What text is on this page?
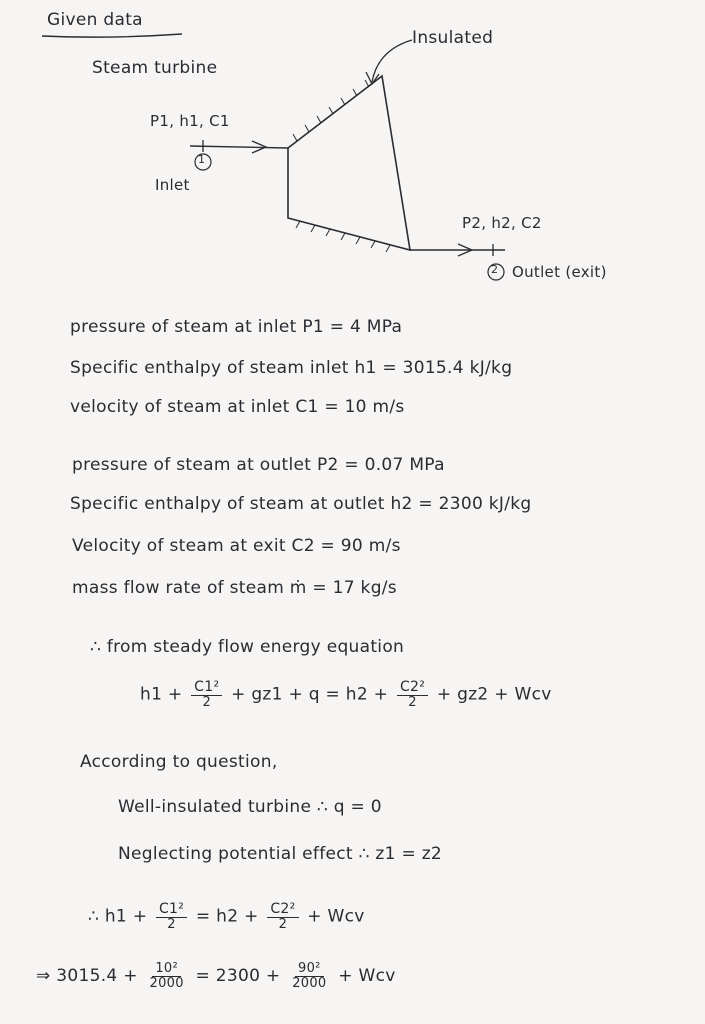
Given data
Steam turbine
Insulated
P1, h1, C1
1
Inlet
P2, h2, C2
2 Outlet (exit)
pressure of steam at inlet P1 = 4 MPa
Specific enthalpy of steam inlet h1 = 3015.4 kJ/kg
velocity of steam at inlet C1 = 10 m/s
pressure of steam at outlet P2 = 0.07 MPa
Specific enthalpy of steam at outlet h2 = 2300 kJ/kg
Velocity of steam at exit C2 = 90 m/s
mass flow rate of steam ṁ = 17 kg/s
∴ from steady flow energy equation
$h1 + \frac{\text{C1²}}{2} + gz1 + q = h2 + \frac{\text{C2²}}{2} + gz2$ + Wcv
According to question,
Well-insulated turbine ∴ q = 0
Neglecting potential effect ∴ z1 = z2
∴ $h1 + \frac{\text{C1²}}{2} = h2 + \frac{\text{C2²}}{2}$ + Wcv
⇒ $3015.4 + \frac{\text{10²}}{2000} = 2300 + \frac{\text{90²}}{2000}$ + Wcv
